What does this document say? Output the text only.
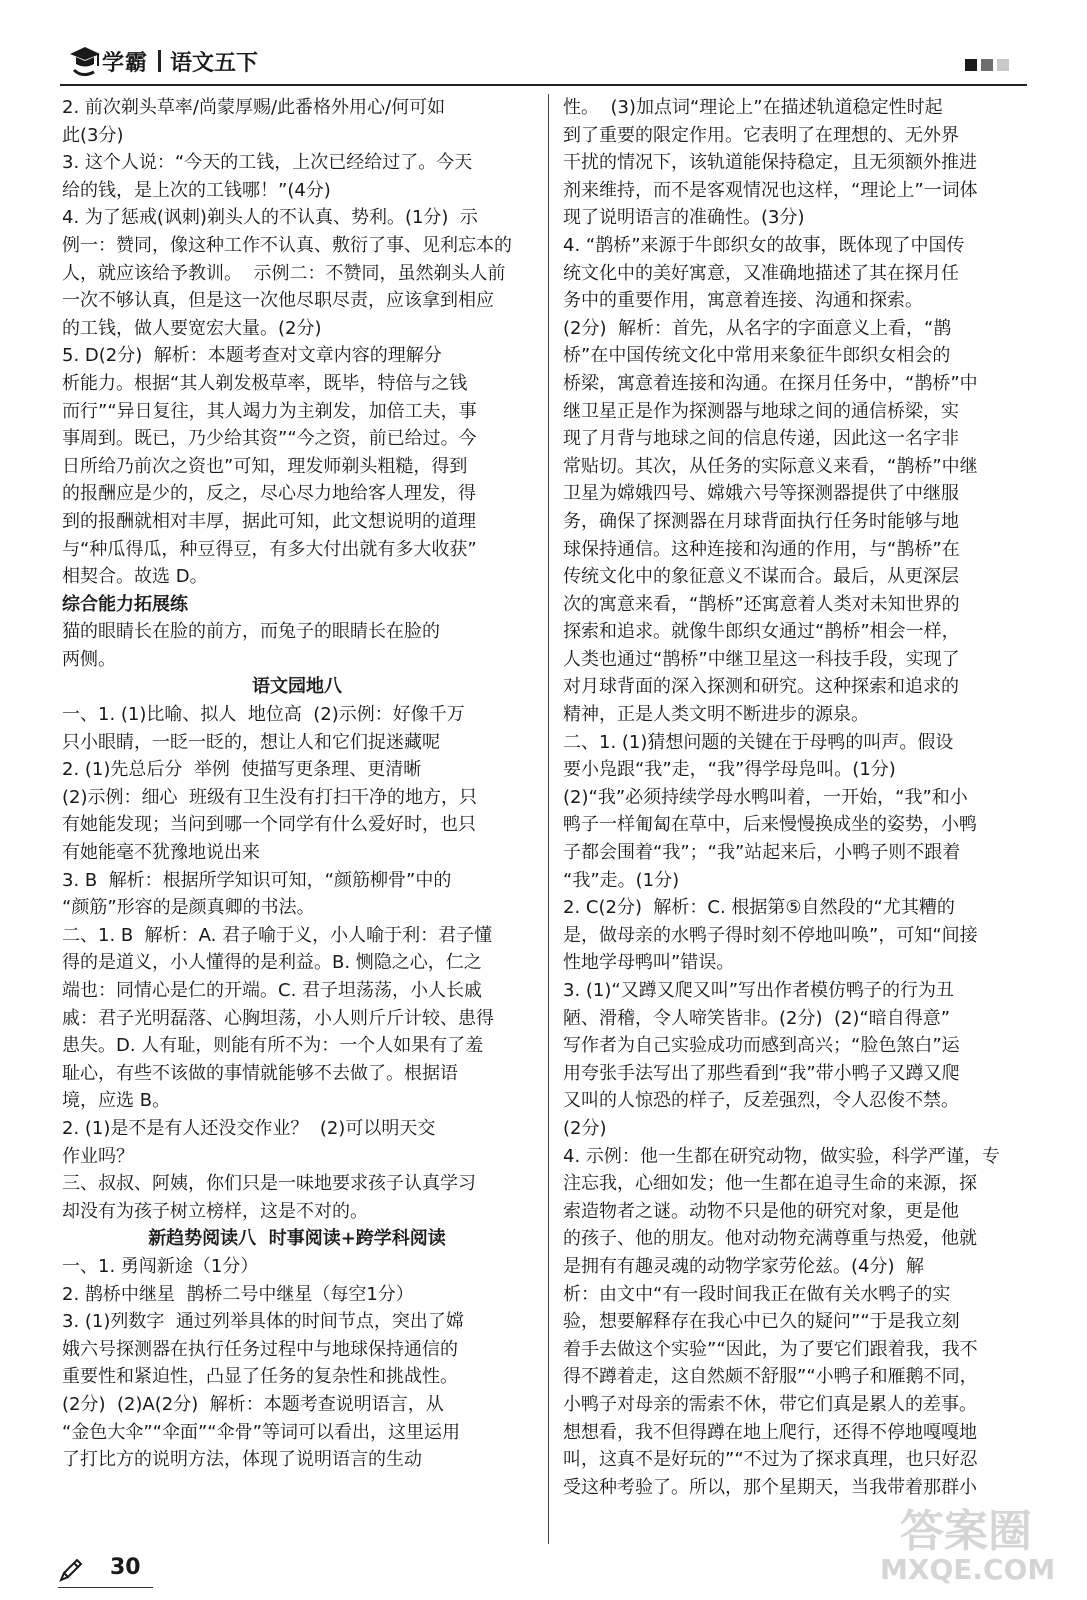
学霸 语文五下
2. 前次剃头草率/尚蒙厚赐/此番格外用心/何可如
此(3分)
3. 这个人说：“今天的工钱，上次已经给过了。今天
给的钱，是上次的工钱哪！”(4分)
4. 为了惩戒(讽刺)剃头人的不认真、势利。(1分)  示
例一：赞同，像这种工作不认真、敷衍了事、见利忘本的
人，就应该给予教训。  示例二：不赞同，虽然剃头人前
一次不够认真，但是这一次他尽职尽责，应该拿到相应
的工钱，做人要宽宏大量。(2分)
5. D(2分)  解析：本题考查对文章内容的理解分
析能力。根据“其人剃发极草率，既毕，特倍与之钱
而行”“异日复往，其人竭力为主剃发，加倍工夫，事
事周到。既已，乃少给其资”“今之资，前已给过。今
日所给乃前次之资也”可知，理发师剃头粗糙，得到
的报酬应是少的，反之，尽心尽力地给客人理发，得
到的报酬就相对丰厚，据此可知，此文想说明的道理
与“种瓜得瓜，种豆得豆，有多大付出就有多大收获”
相契合。故选 D。
综合能力拓展练
猫的眼睛长在脸的前方，而兔子的眼睛长在脸的
两侧。
语文园地八
一、1. (1)比喻、拟人  地位高  (2)示例：好像千万
只小眼睛，一眨一眨的，想让人和它们捉迷藏呢
2. (1)先总后分  举例  使描写更条理、更清晰
(2)示例：细心  班级有卫生没有打扫干净的地方，只
有她能发现；当问到哪一个同学有什么爱好时，也只
有她能毫不犹豫地说出来
3. B  解析：根据所学知识可知，“颜筋柳骨”中的
“颜筋”形容的是颜真卿的书法。
二、1. B  解析：A. 君子喻于义，小人喻于利：君子懂
得的是道义，小人懂得的是利益。B. 恻隐之心，仁之
端也：同情心是仁的开端。C. 君子坦荡荡，小人长戚
戚：君子光明磊落、心胸坦荡，小人则斤斤计较、患得
患失。D. 人有耻，则能有所不为：一个人如果有了羞
耻心，有些不该做的事情就能够不去做了。根据语
境，应选 B。
2. (1)是不是有人还没交作业？  (2)可以明天交
作业吗？
三、叔叔、阿姨，你们只是一味地要求孩子认真学习
却没有为孩子树立榜样，这是不对的。
新趋势阅读八  时事阅读+跨学科阅读
一、1. 勇闯新途（1分）
2. 鹊桥中继星  鹊桥二号中继星（每空1分）
3. (1)列数字  通过列举具体的时间节点，突出了嫦
娥六号探测器在执行任务过程中与地球保持通信的
重要性和紧迫性，凸显了任务的复杂性和挑战性。
(2分)  (2)A(2分)  解析：本题考查说明语言，从
“金色大伞”“伞面”“伞骨”等词可以看出，这里运用
了打比方的说明方法，体现了说明语言的生动
性。  (3)加点词“理论上”在描述轨道稳定性时起
到了重要的限定作用。它表明了在理想的、无外界
干扰的情况下，该轨道能保持稳定，且无须额外推进
剂来维持，而不是客观情况也这样，“理论上”一词体
现了说明语言的准确性。(3分)
4. “鹊桥”来源于牛郎织女的故事，既体现了中国传
统文化中的美好寓意，又准确地描述了其在探月任
务中的重要作用，寓意着连接、沟通和探索。
(2分)  解析：首先，从名字的字面意义上看，“鹊
桥”在中国传统文化中常用来象征牛郎织女相会的
桥梁，寓意着连接和沟通。在探月任务中，“鹊桥”中
继卫星正是作为探测器与地球之间的通信桥梁，实
现了月背与地球之间的信息传递，因此这一名字非
常贴切。其次，从任务的实际意义来看，“鹊桥”中继
卫星为嫦娥四号、嫦娥六号等探测器提供了中继服
务，确保了探测器在月球背面执行任务时能够与地
球保持通信。这种连接和沟通的作用，与“鹊桥”在
传统文化中的象征意义不谋而合。最后，从更深层
次的寓意来看，“鹊桥”还寓意着人类对未知世界的
探索和追求。就像牛郎织女通过“鹊桥”相会一样，
人类也通过“鹊桥”中继卫星这一科技手段，实现了
对月球背面的深入探测和研究。这种探索和追求的
精神，正是人类文明不断进步的源泉。
二、1. (1)猜想问题的关键在于母鸭的叫声。假设
要小凫跟“我”走，“我”得学母凫叫。(1分)
(2)“我”必须持续学母水鸭叫着，一开始，“我”和小
鸭子一样匍匐在草中，后来慢慢换成坐的姿势，小鸭
子都会围着“我”；“我”站起来后，小鸭子则不跟着
“我”走。(1分)
2. C(2分)  解析：C. 根据第⑤自然段的“尤其糟的
是，做母亲的水鸭子得时刻不停地叫唤”，可知“间接
性地学母鸭叫”错误。
3. (1)“又蹲又爬又叫”写出作者模仿鸭子的行为丑
陋、滑稽，令人啼笑皆非。(2分)  (2)“暗自得意”
写作者为自己实验成功而感到高兴；“脸色煞白”运
用夸张手法写出了那些看到“我”带小鸭子又蹲又爬
又叫的人惊恐的样子，反差强烈，令人忍俊不禁。
(2分)
4. 示例：他一生都在研究动物，做实验，科学严谨，专
注忘我，心细如发；他一生都在追寻生命的来源，探
索造物者之谜。动物不只是他的研究对象，更是他
的孩子、他的朋友。他对动物充满尊重与热爱，他就
是拥有有趣灵魂的动物学家劳伦兹。(4分)  解
析：由文中“有一段时间我正在做有关水鸭子的实
验，想要解释存在我心中已久的疑问”“于是我立刻
着手去做这个实验”“因此，为了要它们跟着我，我不
得不蹲着走，这自然颇不舒服”“小鸭子和雁鹅不同，
小鸭子对母亲的需索不休，带它们真是累人的差事。
想想看，我不但得蹲在地上爬行，还得不停地嘎嘎地
叫，这真不是好玩的”“不过为了探求真理，也只好忍
受这种考验了。所以，那个星期天，当我带着那群小
30
答案圈
MXQE.COM
